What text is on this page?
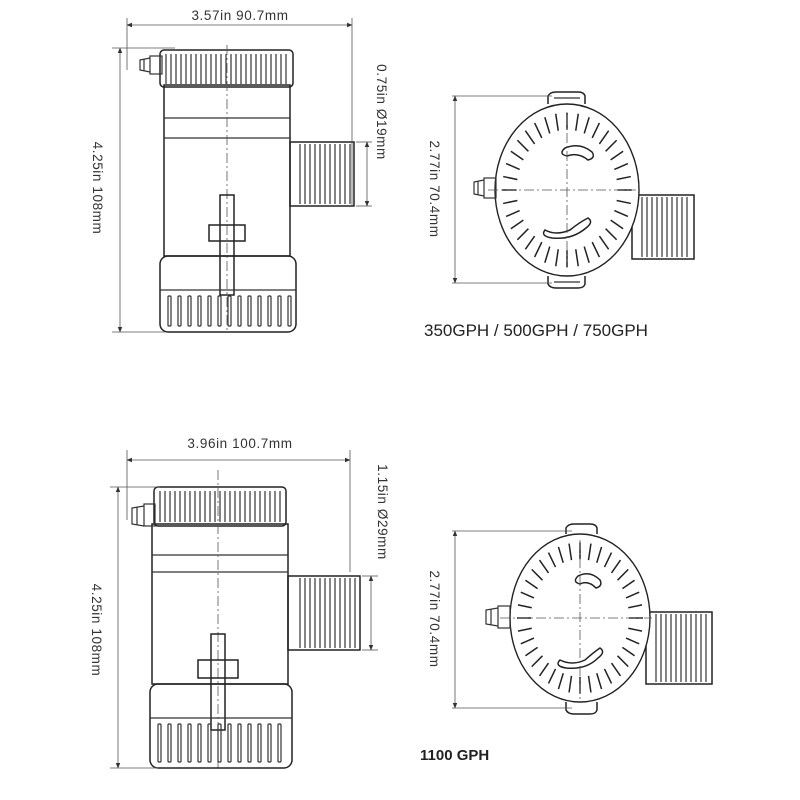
3.57in 90.7mm
4.25in 108mm
0.75in Ø19mm
2.77in 70.4mm
350GPH / 500GPH / 750GPH
3.96in 100.7mm
4.25in 108mm
1.15in Ø29mm
2.77in 70.4mm
1100 GPH
